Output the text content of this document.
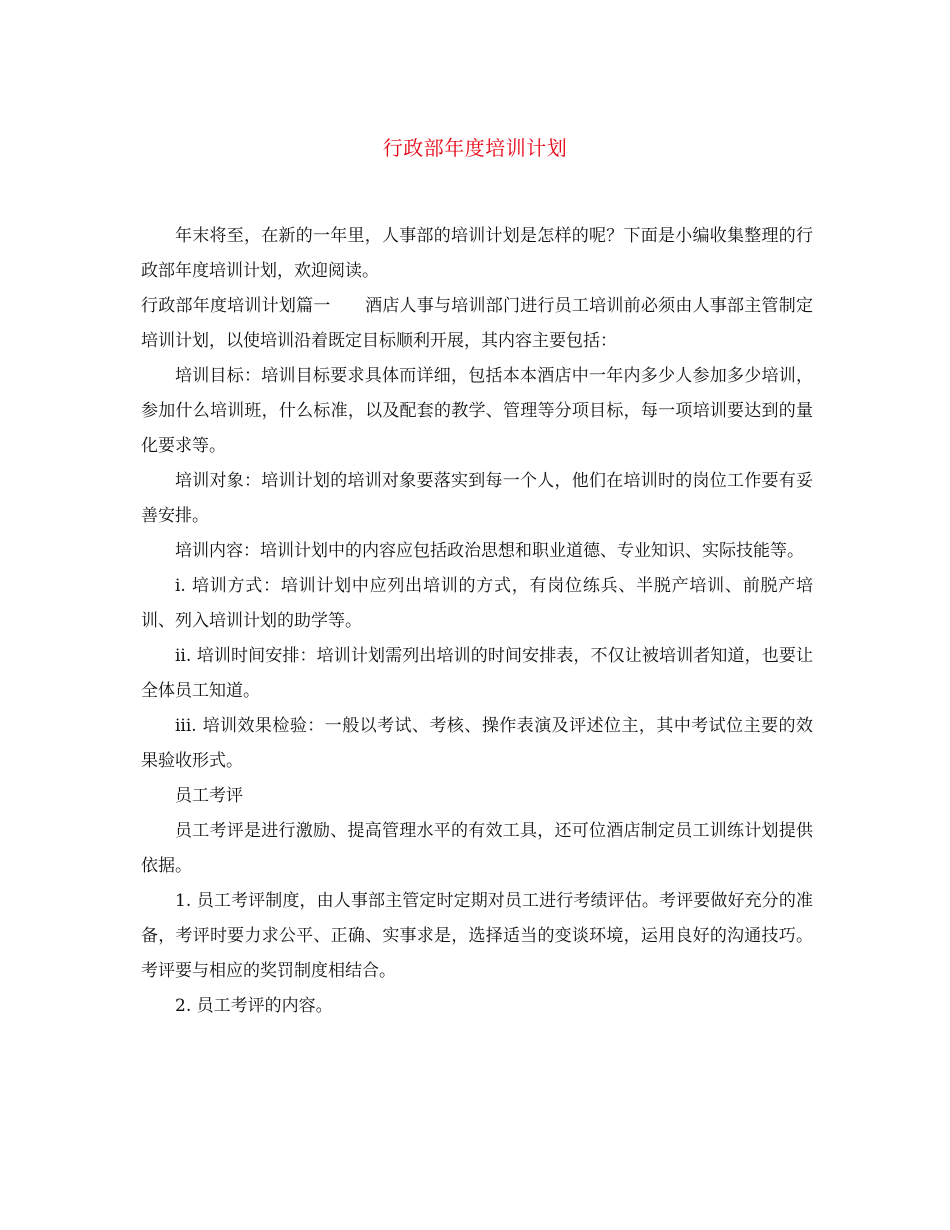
行政部年度培训计划

年末将至，在新的一年里，人事部的培训计划是怎样的呢？下面是小编收集整理的行政部年度培训计划，欢迎阅读。

行政部年度培训计划篇一　　酒店人事与培训部门进行员工培训前必须由人事部主管制定培训计划，以使培训沿着既定目标顺利开展，其内容主要包括：

培训目标：培训目标要求具体而详细，包括本本酒店中一年内多少人参加多少培训，参加什么培训班，什么标准，以及配套的教学、管理等分项目标，每一项培训要达到的量化要求等。

培训对象：培训计划的培训对象要落实到每一个人，他们在培训时的岗位工作要有妥善安排。

培训内容：培训计划中的内容应包括政治思想和职业道德、专业知识、实际技能等。

i. 培训方式：培训计划中应列出培训的方式，有岗位练兵、半脱产培训、前脱产培训、列入培训计划的助学等。

ii. 培训时间安排：培训计划需列出培训的时间安排表，不仅让被培训者知道，也要让全体员工知道。

iii. 培训效果检验：一般以考试、考核、操作表演及评述位主，其中考试位主要的效果验收形式。

员工考评

员工考评是进行激励、提高管理水平的有效工具，还可位酒店制定员工训练计划提供依据。

1. 员工考评制度，由人事部主管定时定期对员工进行考绩评估。考评要做好充分的准备，考评时要力求公平、正确、实事求是，选择适当的变谈环境，运用良好的沟通技巧。考评要与相应的奖罚制度相结合。

2. 员工考评的内容。
